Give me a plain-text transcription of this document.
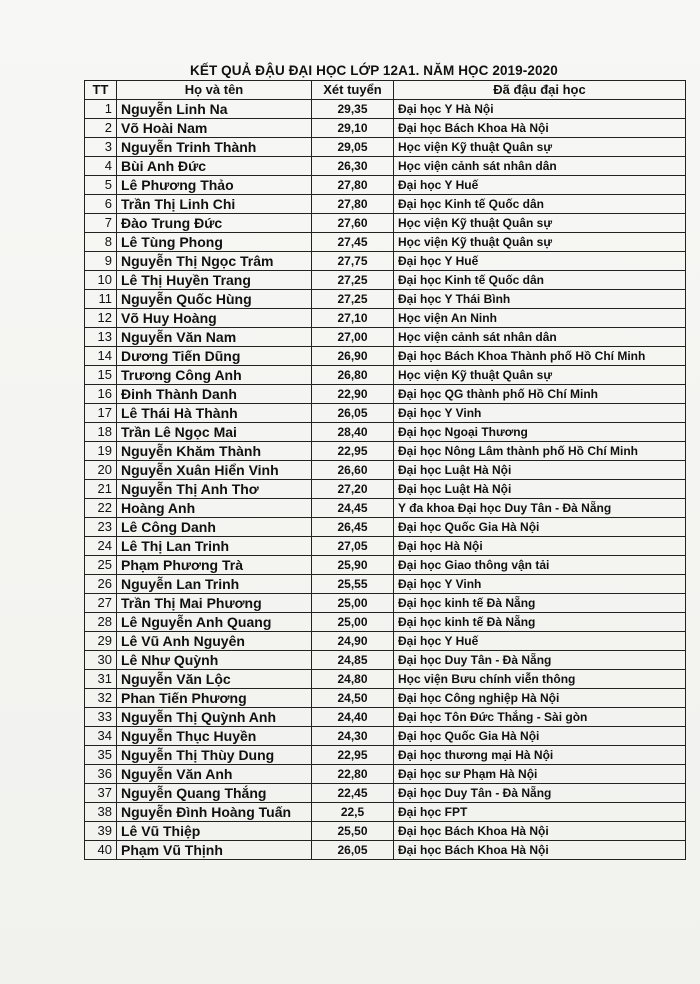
KẾT QUẢ ĐẬU ĐẠI HỌC LỚP 12A1. NĂM HỌC 2019-2020
TT	Họ và tên	Xét tuyển	Đã đậu đại học
1	Nguyễn Linh Na	29,35	Đại học Y Hà Nội
2	Võ Hoài Nam	29,10	Đại học Bách Khoa Hà Nội
3	Nguyễn Trinh Thành	29,05	Học viện Kỹ thuật Quân sự
4	Bùi Anh Đức	26,30	Học viện cảnh sát nhân dân
5	Lê Phương Thảo	27,80	Đại học Y Huế
6	Trần Thị Linh Chi	27,80	Đại học Kinh tế Quốc dân
7	Đào Trung Đức	27,60	Học viện Kỹ thuật Quân sự
8	Lê Tùng Phong	27,45	Học viện Kỹ thuật Quân sự
9	Nguyễn Thị Ngọc Trâm	27,75	Đại học Y Huế
10	Lê Thị Huyền Trang	27,25	Đại học Kinh tế Quốc dân
11	Nguyễn Quốc Hùng	27,25	Đại học Y Thái Bình
12	Võ Huy Hoàng	27,10	Học viện An Ninh
13	Nguyễn Văn Nam	27,00	Học viện cảnh sát nhân dân
14	Dương Tiến Dũng	26,90	Đại học Bách Khoa Thành phố Hồ Chí Minh
15	Trương Công Anh	26,80	Học viện Kỹ thuật Quân sự
16	Đinh Thành Danh	22,90	Đại học QG thành phố Hồ Chí Minh
17	Lê Thái Hà Thành	26,05	Đại học Y Vinh
18	Trần Lê Ngọc Mai	28,40	Đại học Ngoại Thương
19	Nguyễn Khăm Thành	22,95	Đại học Nông Lâm thành phố Hồ Chí Minh
20	Nguyễn Xuân Hiển Vinh	26,60	Đại học Luật Hà Nội
21	Nguyễn Thị Anh Thơ	27,20	Đại học Luật Hà Nội
22	Hoàng Anh	24,45	Y đa khoa Đại học Duy Tân - Đà Nẵng
23	Lê Công Danh	26,45	Đại học Quốc Gia Hà Nội
24	Lê Thị Lan Trinh	27,05	Đại học Hà Nội
25	Phạm Phương Trà	25,90	Đại học Giao thông vận tải
26	Nguyễn Lan Trinh	25,55	Đại học Y Vinh
27	Trần Thị Mai Phương	25,00	Đại học kinh tế Đà Nẵng
28	Lê Nguyễn Anh Quang	25,00	Đại học kinh tế Đà Nẵng
29	Lê Vũ Anh Nguyên	24,90	Đại học Y Huế
30	Lê Như Quỳnh	24,85	Đại học Duy Tân - Đà Nẵng
31	Nguyễn Văn Lộc	24,80	Học viện Bưu chính viễn thông
32	Phan Tiến Phương	24,50	Đại học Công nghiệp Hà Nội
33	Nguyễn Thị Quỳnh Anh	24,40	Đại học Tôn Đức Thắng - Sài gòn
34	Nguyễn Thục Huyền	24,30	Đại học Quốc Gia Hà Nội
35	Nguyễn Thị Thùy Dung	22,95	Đại học thương mại Hà Nội
36	Nguyễn Văn Anh	22,80	Đại học sư Phạm Hà Nội
37	Nguyễn Quang Thắng	22,45	Đại học Duy Tân - Đà Nẵng
38	Nguyễn Đình Hoàng Tuấn	22,5	Đại học FPT
39	Lê Vũ Thiệp	25,50	Đại học Bách Khoa Hà Nội
40	Phạm Vũ Thịnh	26,05	Đại học Bách Khoa Hà Nội
